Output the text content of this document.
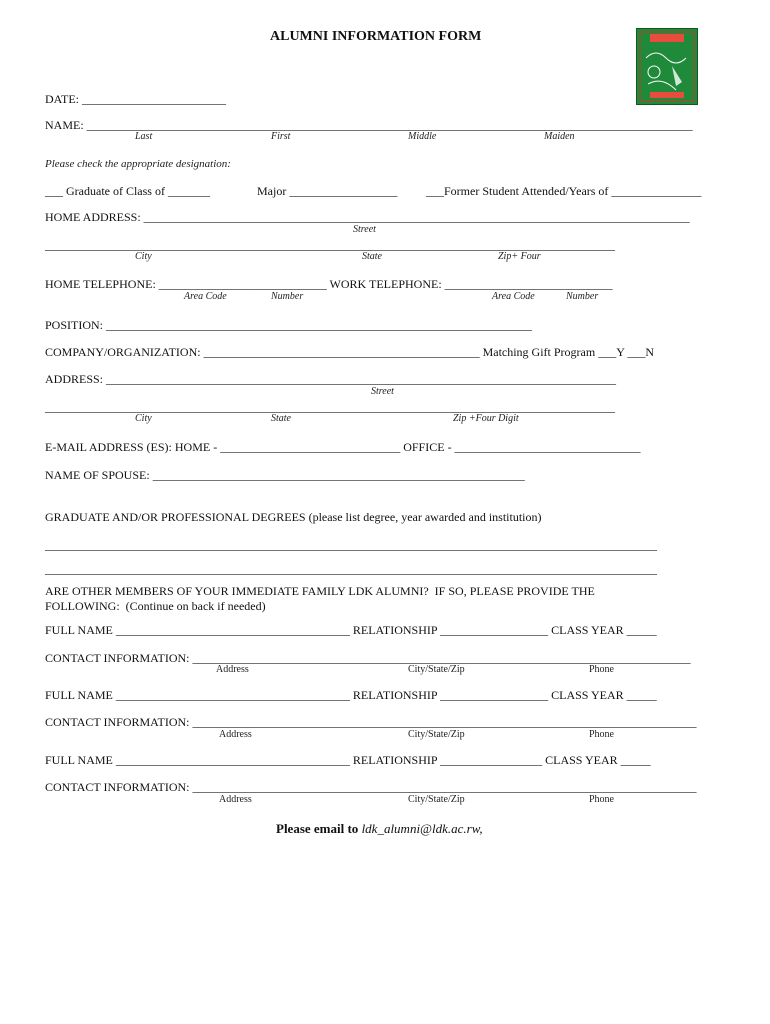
ALUMNI INFORMATION FORM
DATE: ________________________
NAME: _____________________________________________________________________________________________________
Last	First	Middle	Maiden
Please check the appropriate designation:
___ Graduate of Class of _______	Major __________________ ___Former Student Attended/Years of _______________
HOME ADDRESS: ___________________________________________________________________________________________
Street
_______________________________________________________________________________________________
City	State	Zip+ Four
HOME TELEPHONE: ____________________________ WORK TELEPHONE: ____________________________
Area Code	Number	Area Code	Number
POSITION: _______________________________________________________________________
COMPANY/ORGANIZATION: ______________________________________________ Matching Gift Program ___Y ___N
ADDRESS: _____________________________________________________________________________________
Street
_______________________________________________________________________________________________
City	State	Zip +Four Digit
E-MAIL ADDRESS (ES): HOME - ______________________________ OFFICE - _______________________________
NAME OF SPOUSE: ______________________________________________________________
GRADUATE AND/OR PROFESSIONAL DEGREES (please list degree, year awarded and institution)
______________________________________________________________________________________________________
______________________________________________________________________________________________________
ARE OTHER MEMBERS OF YOUR IMMEDIATE FAMILY LDK ALUMNI?  IF SO, PLEASE PROVIDE THE
FOLLOWING:  (Continue on back if needed)
FULL NAME _______________________________________ RELATIONSHIP __________________ CLASS YEAR _____
CONTACT INFORMATION: ___________________________________________________________________________________
Address	City/State/Zip	Phone
FULL NAME _______________________________________ RELATIONSHIP __________________ CLASS YEAR _____
CONTACT INFORMATION: ____________________________________________________________________________________
Address	City/State/Zip	Phone
FULL NAME _______________________________________ RELATIONSHIP _________________ CLASS YEAR _____
CONTACT INFORMATION: ____________________________________________________________________________________
Address	City/State/Zip	Phone
Please email to ldk_alumni@ldk.ac.rw,
